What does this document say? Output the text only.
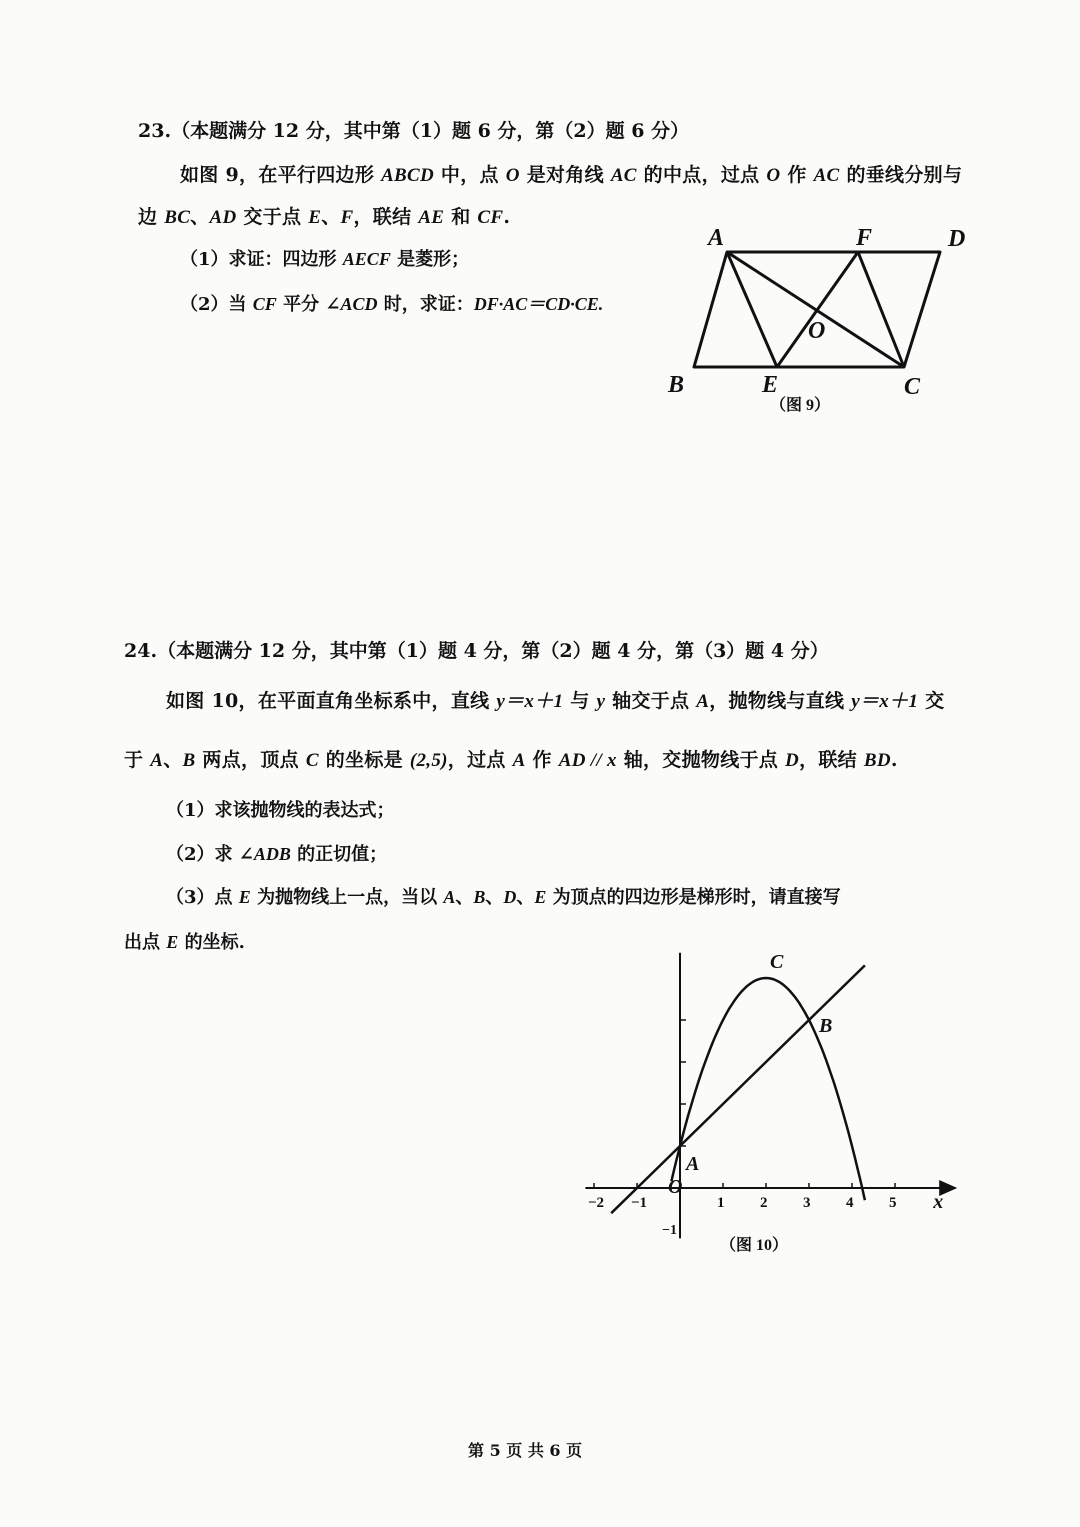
23.（本题满分 12 分，其中第（1）题 6 分，第（2）题 6 分）
如图 9，在平行四边形 ABCD 中，点 O 是对角线 AC 的中点，过点 O 作 AC 的垂线分别与
边 BC、AD 交于点 E、F，联结 AE 和 CF.
（1）求证：四边形 AECF 是菱形；
（2）当 CF 平分 ∠ACD 时，求证：DF·AC＝CD·CE.
A	F	D
O
B	E	C
（图 9）
24.（本题满分 12 分，其中第（1）题 4 分，第（2）题 4 分，第（3）题 4 分）
如图 10，在平面直角坐标系中，直线 y＝x＋1 与 y 轴交于点 A，抛物线与直线 y＝x＋1 交
于 A、B 两点，顶点 C 的坐标是 (2,5)，过点 A 作 AD // x 轴，交抛物线于点 D，联结 BD.
（1）求该抛物线的表达式；
（2）求 ∠ADB 的正切值；
（3）点 E 为抛物线上一点，当以 A、B、D、E 为顶点的四边形是梯形时，请直接写
出点 E 的坐标.
−2 −1	1 2 3 4 5
−1
x
A
B
C
O
（图 10）
第 5 页 共 6 页
